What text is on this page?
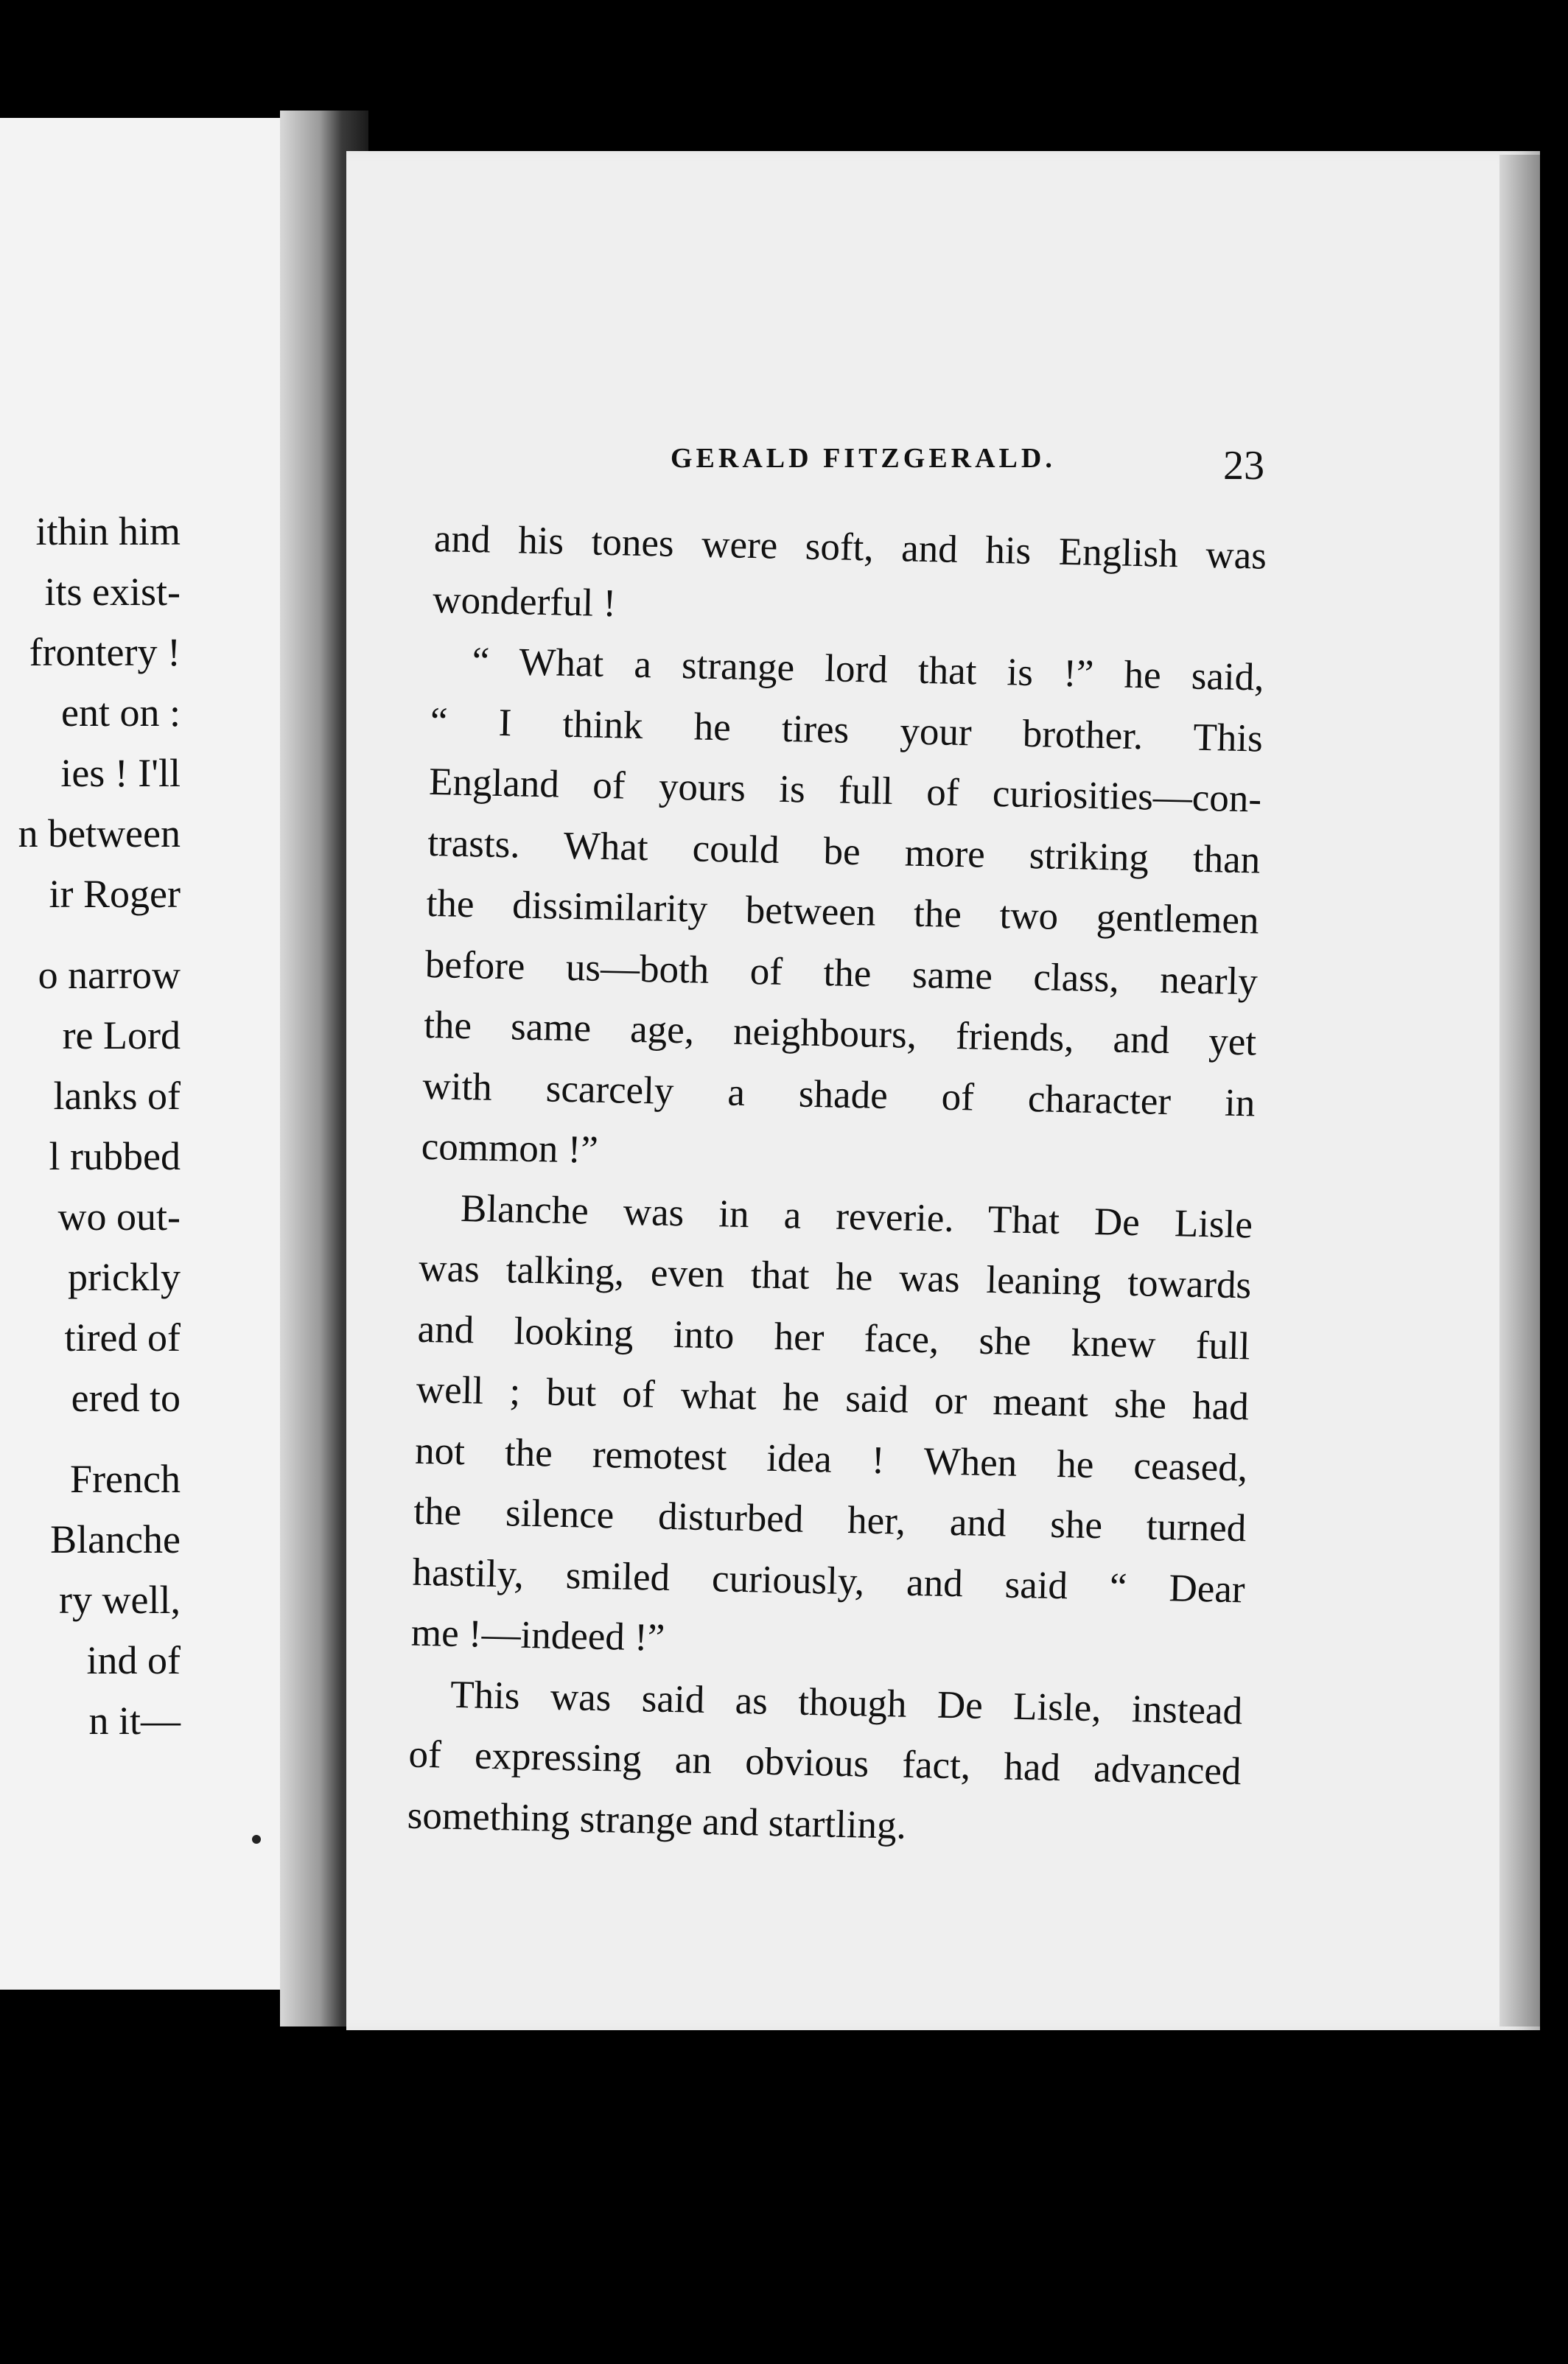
ithin him
its exist-
frontery !
ent on :
ies ! I'll
n between
ir Roger
o narrow
re Lord
lanks of
l rubbed
wo out-
prickly
tired of
ered to
French
Blanche
ry well,
ind of
n it—
GERALD FITZGERALD.	23
and his tones were soft, and his English was
wonderful !
“ What a strange lord that is !” he said,
“ I think he tires your brother. This
England of yours is full of curiosities—con-
trasts. What could be more striking than
the dissimilarity between the two gentlemen
before us—both of the same class, nearly
the same age, neighbours, friends, and yet
with scarcely a shade of character in
common !”
Blanche was in a reverie. That De Lisle
was talking, even that he was leaning towards
and looking into her face, she knew full
well ; but of what he said or meant she had
not the remotest idea ! When he ceased,
the silence disturbed her, and she turned
hastily, smiled curiously, and said “ Dear
me !—indeed !”
This was said as though De Lisle, instead
of expressing an obvious fact, had advanced
something strange and startling.
